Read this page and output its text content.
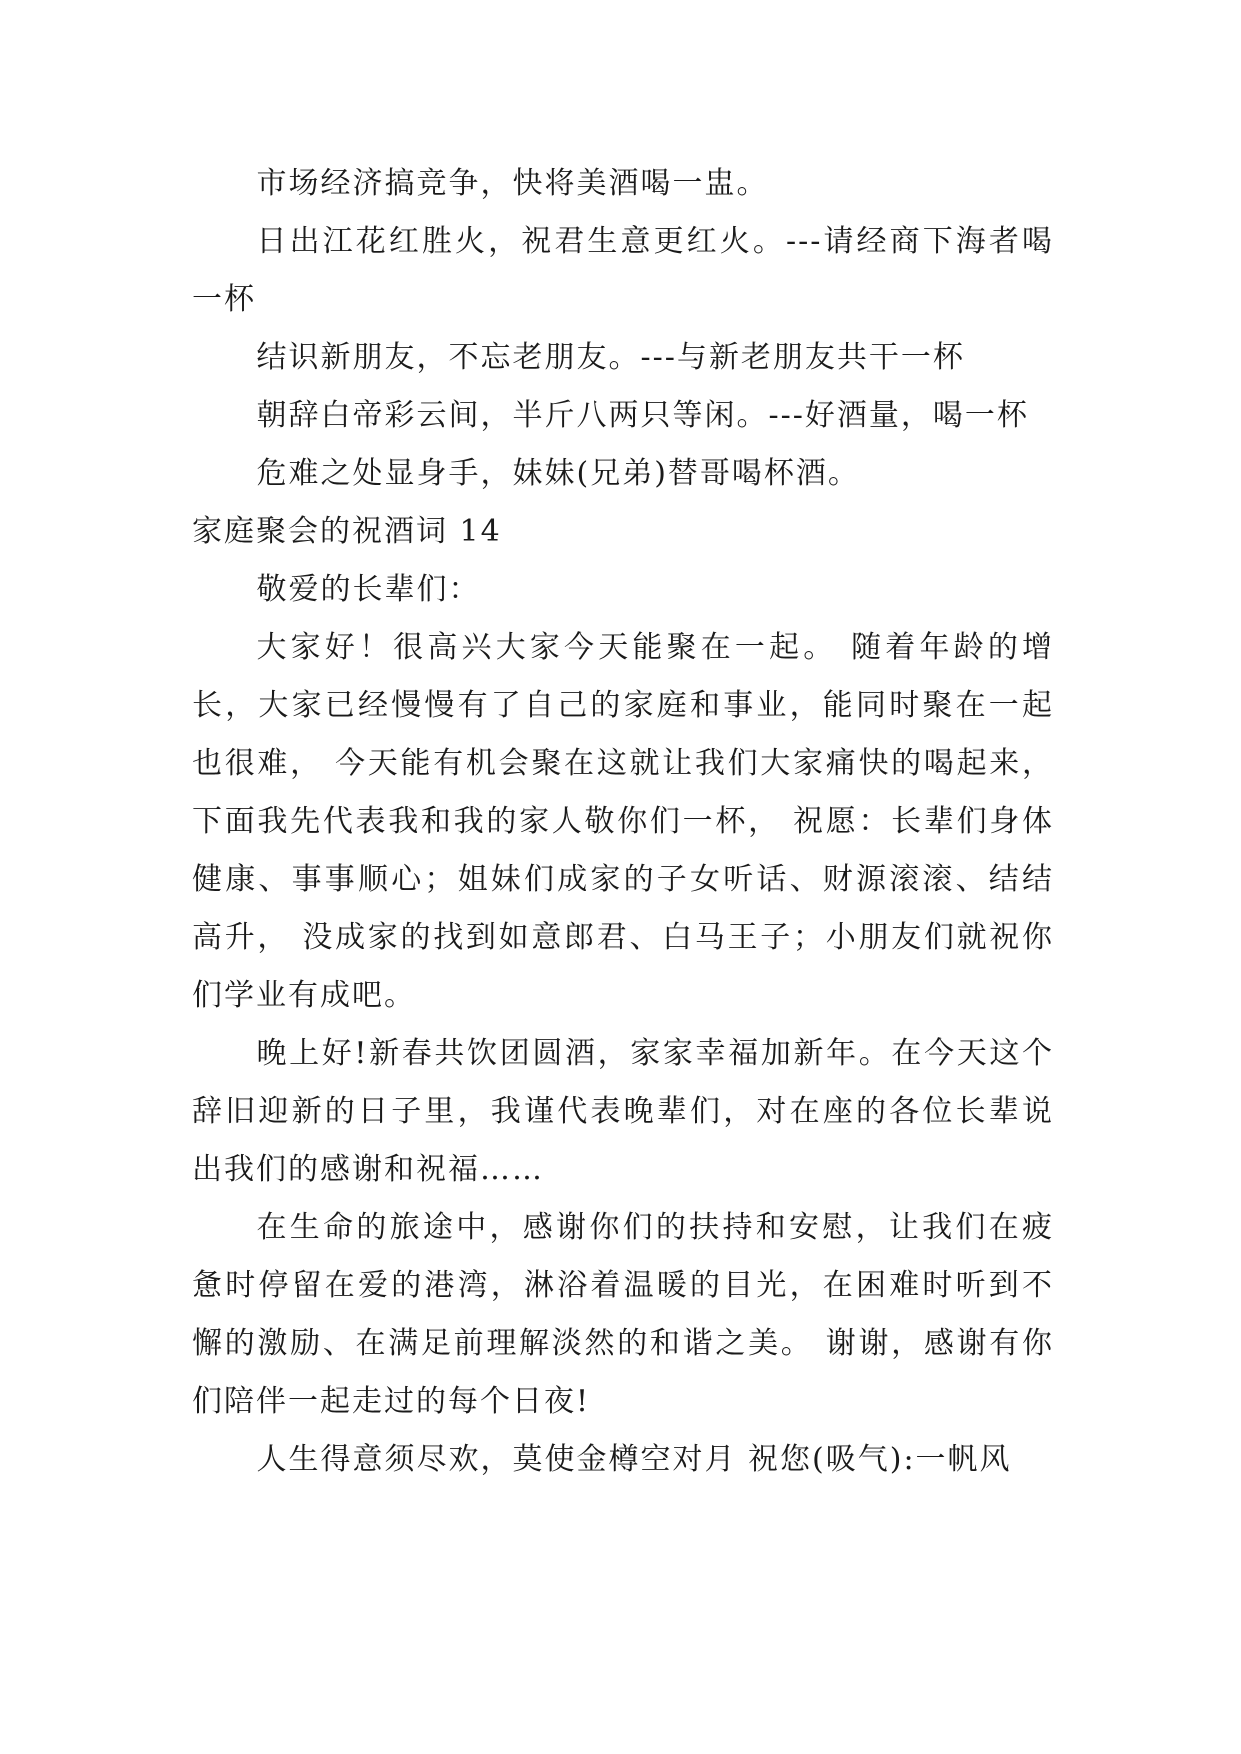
市场经济搞竞争，快将美酒喝一盅。

日出江花红胜火，祝君生意更红火。---请经商下海者喝一杯

结识新朋友，不忘老朋友。---与新老朋友共干一杯

朝辞白帝彩云间，半斤八两只等闲。---好酒量，喝一杯

危难之处显身手，妹妹(兄弟)替哥喝杯酒。

家庭聚会的祝酒词 14

敬爱的长辈们：

大家好！很高兴大家今天能聚在一起。 随着年龄的增长，大家已经慢慢有了自己的家庭和事业，能同时聚在一起也很难， 今天能有机会聚在这就让我们大家痛快的喝起来，下面我先代表我和我的家人敬你们一杯， 祝愿：长辈们身体健康、事事顺心；姐妹们成家的子女听话、财源滚滚、结结高升， 没成家的找到如意郎君、白马王子；小朋友们就祝你们学业有成吧。

晚上好!新春共饮团圆酒，家家幸福加新年。在今天这个辞旧迎新的日子里，我谨代表晚辈们，对在座的各位长辈说出我们的感谢和祝福……

在生命的旅途中，感谢你们的扶持和安慰，让我们在疲惫时停留在爱的港湾，淋浴着温暖的目光，在困难时听到不懈的激励、在满足前理解淡然的和谐之美。 谢谢，感谢有你们陪伴一起走过的每个日夜!

人生得意须尽欢，莫使金樽空对月 祝您(吸气):一帆风
